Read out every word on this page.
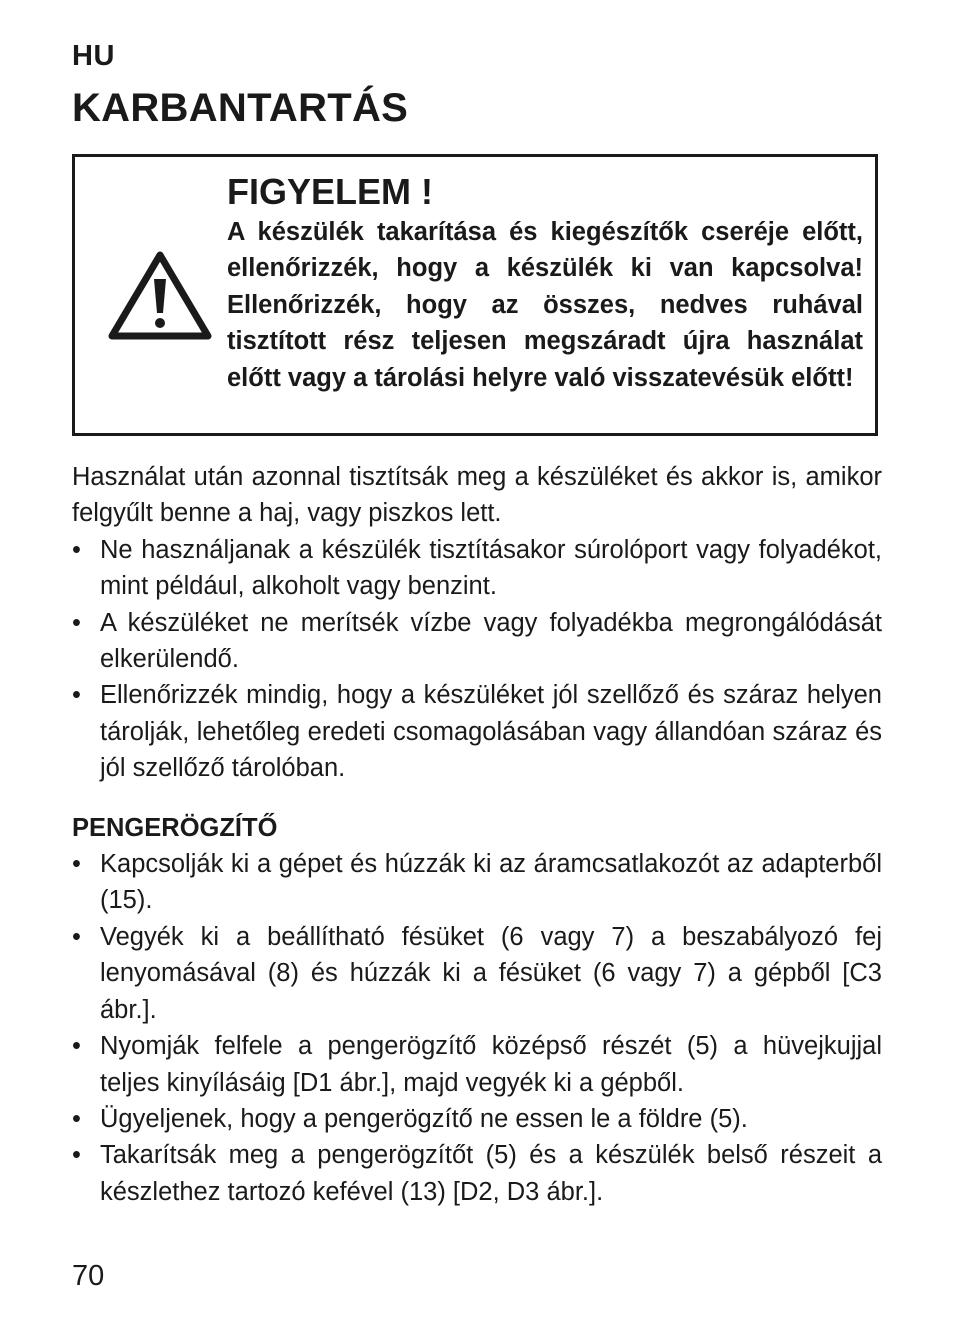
HU
KARBANTARTÁS
FIGYELEM !
A készülék takarítása és kiegészítők cseréje előtt, ellenőrizzék, hogy a készülék ki van kapcsolva! Ellenőrizzék, hogy az összes, nedves ruhával tisztított rész teljesen megszáradt újra használat előtt vagy a tárolási helyre való visszatevésük előtt!

Használat után azonnal tisztítsák meg a készüléket és akkor is, amikor felgyűlt benne a haj, vagy piszkos lett.

• Ne használjanak a készülék tisztításakor súrolóport vagy folyadékot, mint például, alkoholt vagy benzint.
• A készüléket ne merítsék vízbe vagy folyadékba megrongálódását elkerülendő.
• Ellenőrizzék mindig, hogy a készüléket jól szellőző és száraz helyen tárolják, lehetőleg eredeti csomagolásában vagy állandóan száraz és jól szellőző tárolóban.
PENGERÖGZÍTŐ
• Kapcsolják ki a gépet és húzzák ki az áramcsatlakozót az adapterből (15).
• Vegyék ki a beállítható fésüket (6 vagy 7) a beszabályozó fej lenyomásával (8) és húzzák ki a fésüket (6 vagy 7) a gépből [C3 ábr.].
• Nyomják felfele a pengerögzítő középső részét (5) a hüvejkujjal teljes kinyílásáig [D1 ábr.], majd vegyék ki a gépből.
• Ügyeljenek, hogy a pengerögzítő ne essen le a földre (5).
• Takarítsák meg a pengerögzítőt (5) és a készülék belső részeit a készlethez tartozó kefével (13) [D2, D3 ábr.].
70
